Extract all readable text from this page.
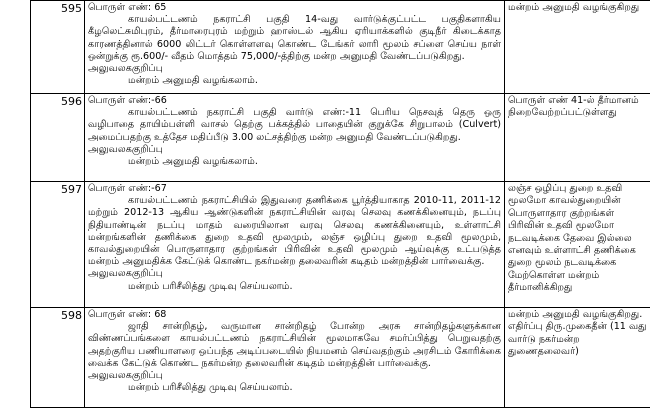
595	பொருள் எண்: 65

காயல்பட்டணம் நகராட்சி பகுதி 14-வது வார்டுக்குட்பட்ட பகுதிகளாகிய கீழலெட்சுமிபுரம், தீர்மாரைபுரம் மற்றும் ஹாஸ்டல் ஆகிய ஏரியாக்களில் குடிநீர் கிடைக்காத காரணத்தினால் 6000 லிட்டர் கொள்ளளவு கொண்ட டேங்கர் லாரி மூலம் சப்ளை செய்ய நாள் ஒன்றுக்கு ரூ.600/- வீதம் மொத்தம் 75,000/-த்திற்கு மன்ற அனுமதி வேண்டப்படுகிறது.

அலுவலககுறிப்பு

மன்றம் அனுமதி வழங்கலாம்.	மன்றம் அனுமதி வழங்குகிறது

596	பொருள் எண்:-66

காயல்பட்டணம் நகராட்சி பகுதி வார்டு எண்:-11 பெரிய நெசவுத் தெரு ஒரு வழிபாதை தாயிம்பள்ளி வாசல் தெற்கு பக்கத்தில் பாதையின் குறுக்கே சிறுபாலம் (Culvert) அமைப்பதற்கு உத்தேச மதிப்பீடு 3.00 லட்சத்திற்கு மன்ற அனுமதி வேண்டப்படுகிறது.

அலுவலககுறிப்பு

மன்றம் அனுமதி வழங்கலாம்.	பொருள் எண் 41-ல் தீர்மானம் நிறைவேற்றப்பட்டுள்ளது

597	பொருள் எண்:-67

காயல்பட்டணம் நகராட்சியில் இதுவரை தணிக்கை பூர்த்தியாகாத 2010-11, 2011-12 மற்றும் 2012-13 ஆகிய ஆண்டுகளின் நகராட்சியின் வரவு செலவு கணக்கினையும், நடப்பு நிதியாண்டின் நடப்பு மாதம் வரையிலான வரவு செலவு கணக்கினையும், உள்ளாட்சி மன்றங்களின் தணிக்கை துறை உதவி மூலமும், லஞ்ச ஒழிப்பு துறை உதவி மூலமும், காவல்துறையின் பொருளாதார குற்றங்கள் பிரிவின் உதவி மூலமும் ஆய்வுக்கு உட்படுத்த மன்றம் அனுமதிக்க கேட்டுக் கொண்ட நகர்மன்ற தலைவரின் கடிதம் மன்றத்தின் பார்வைக்கு.

அலுவலககுறிப்பு

மன்றம் பரிசீலித்து முடிவு செய்யலாம்.	லஞ்ச ஒழிப்பு துறை உதவி மூலமோ காவல்துறையின் பொருளாதார குற்றங்கள் பிரிவின் உதவி மூலமோ நடவடிக்கை தேவை இல்லை எனவும் உள்ளாட்சி தணிக்கை துறை மூலம் நடவடிக்கை மேற்கொள்ள மன்றம் தீர்மானிக்கிறது

598	பொருள் எண்: 68

ஜாதி சான்றிதழ், வருமான சான்றிதழ் போன்ற அரசு சான்றிதழ்களுக்கான விண்ணப்பங்களை காயல்பட்டணம் நகராட்சியின் மூலமாகவே சமர்ப்பித்து பெறுவதற்கு அதற்குரிய பணியாளரை ஒப்பந்த அடிப்படையில் நியமனம் செய்வதற்கும் அரசிடம் கோரிக்கை வைக்க கேட்டுக் கொண்ட நகர்மன்ற தலைவரின் கடிதம் மன்றத்தின் பார்வைக்கு.

அலுவலககுறிப்பு

மன்றம் பரிசீலித்து முடிவு செய்யலாம்.	மன்றம் அனுமதி வழங்குகிறது. எதிர்ப்பு திரு.முகைதீன் (11 வது வார்டு நகர்மன்ற துணைதலைவர்)
